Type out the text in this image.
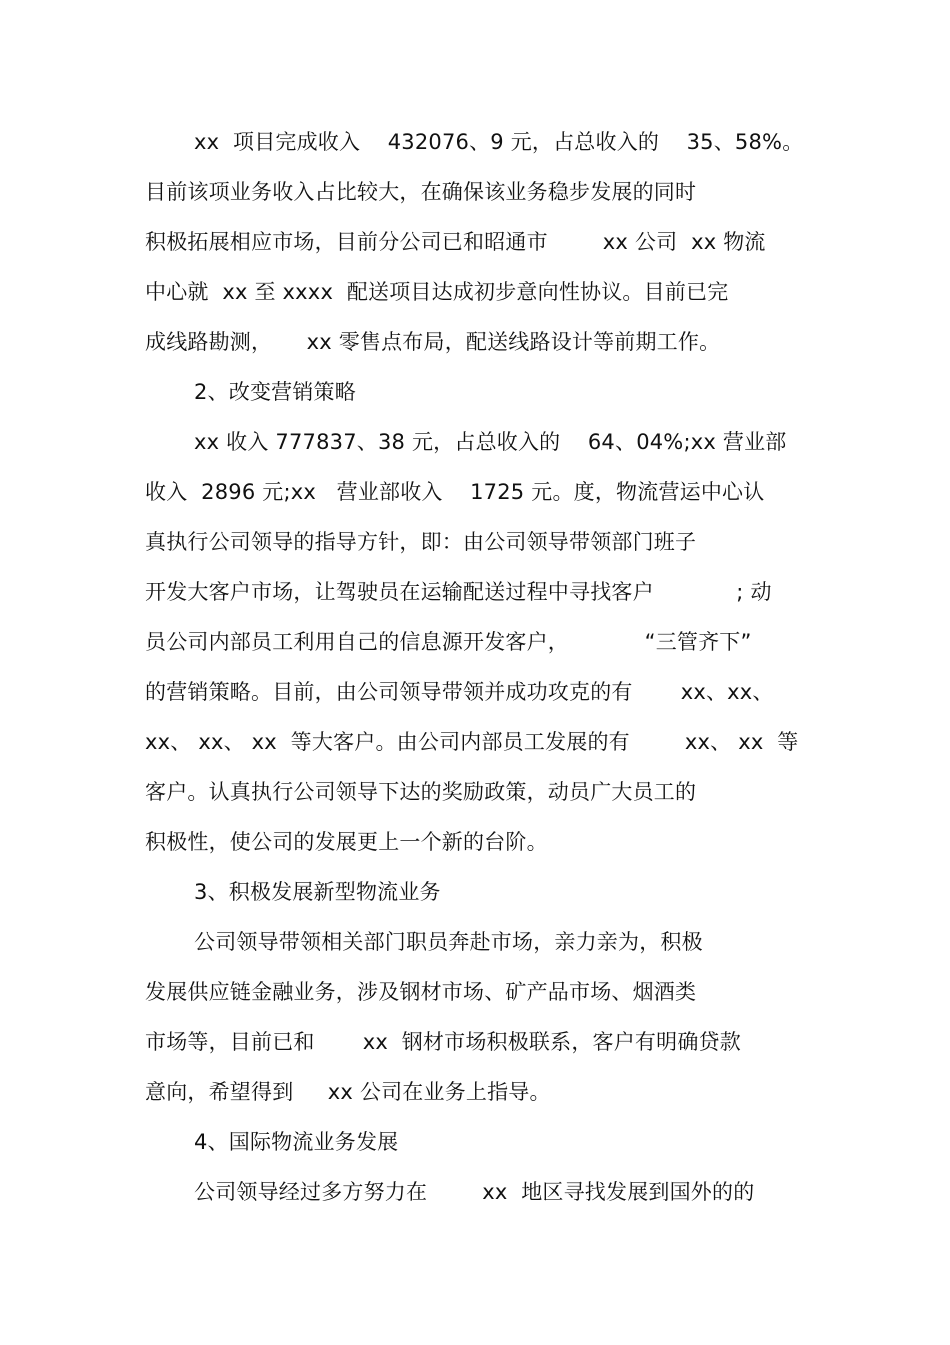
xx  项目完成收入    432076、9 元，占总收入的    35、58%。
目前该项业务收入占比较大，在确保该业务稳步发展的同时
积极拓展相应市场，目前分公司已和昭通市        xx 公司  xx 物流
中心就  xx 至 xxxx  配送项目达成初步意向性协议。目前已完
成线路勘测，     xx 零售点布局，配送线路设计等前期工作。
2、改变营销策略
xx 收入 777837、38 元，占总收入的    64、04%;xx 营业部
收入  2896 元;xx   营业部收入    1725 元。度，物流营运中心认
真执行公司领导的指导方针，即：由公司领导带领部门班子
开发大客户市场，让驾驶员在运输配送过程中寻找客户            ; 动
员公司内部员工利用自己的信息源开发客户，           “三管齐下”
的营销策略。目前，由公司领导带领并成功攻克的有       xx、xx、
xx、 xx、 xx  等大客户。由公司内部员工发展的有        xx、 xx  等
客户。认真执行公司领导下达的奖励政策，动员广大员工的
积极性，使公司的发展更上一个新的台阶。
3、积极发展新型物流业务
公司领导带领相关部门职员奔赴市场，亲力亲为，积极
发展供应链金融业务，涉及钢材市场、矿产品市场、烟酒类
市场等，目前已和       xx  钢材市场积极联系，客户有明确贷款
意向，希望得到     xx 公司在业务上指导。
4、国际物流业务发展
公司领导经过多方努力在        xx  地区寻找发展到国外的的
